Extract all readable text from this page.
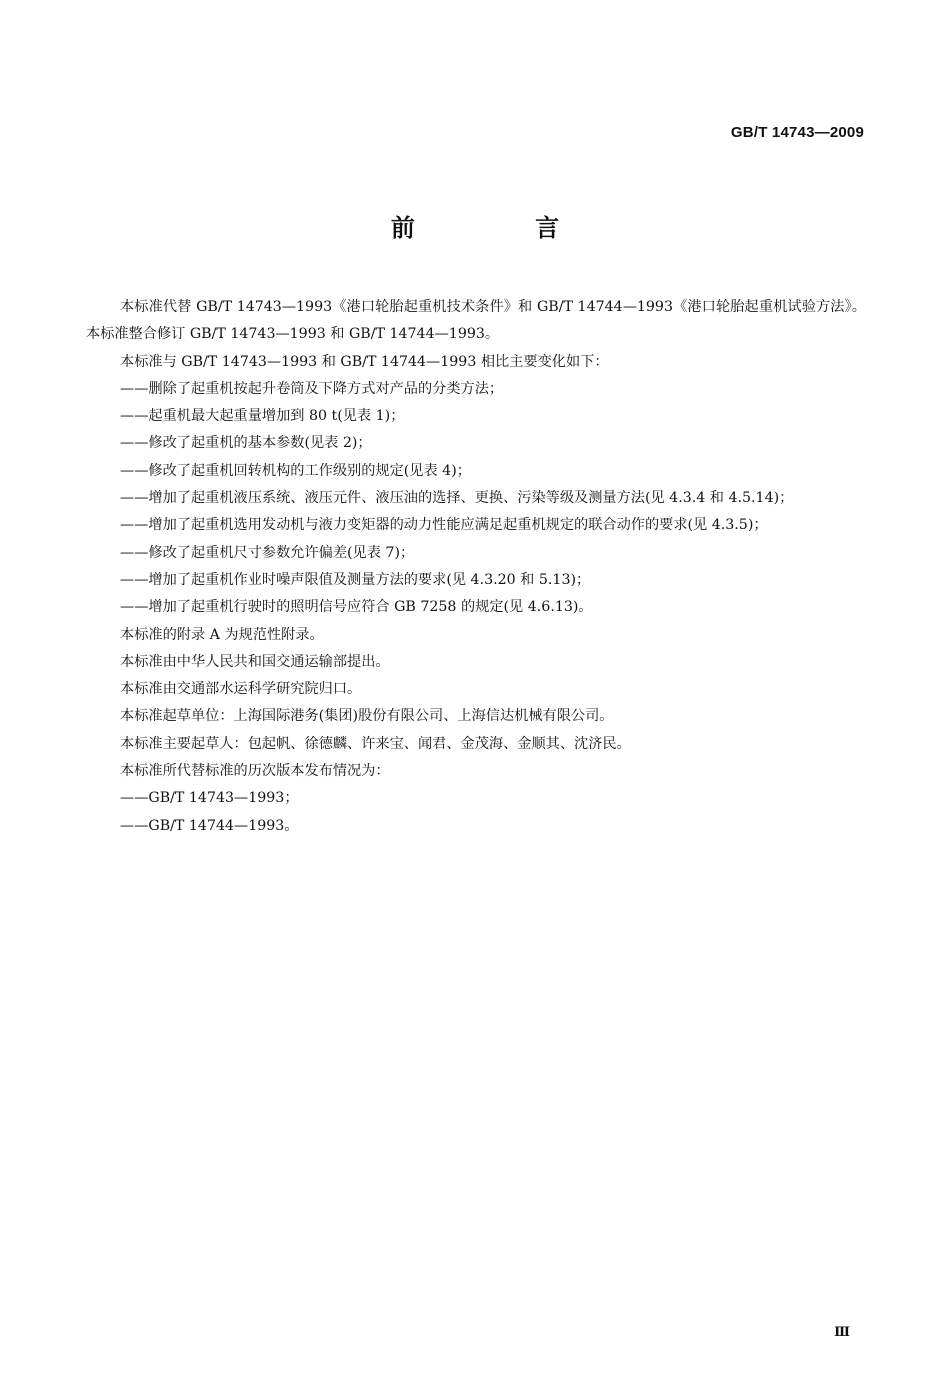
GB/T 14743—2009
前 言

本标准代替 GB/T 14743—1993《港口轮胎起重机技术条件》和 GB/T 14744—1993《港口轮胎起重机试验方法》。本标准整合修订 GB/T 14743—1993 和 GB/T 14744—1993。

本标准与 GB/T 14743—1993 和 GB/T 14744—1993 相比主要变化如下：

——删除了起重机按起升卷筒及下降方式对产品的分类方法；

——起重机最大起重量增加到 80 t(见表 1)；

——修改了起重机的基本参数(见表 2)；

——修改了起重机回转机构的工作级别的规定(见表 4)；

——增加了起重机液压系统、液压元件、液压油的选择、更换、污染等级及测量方法(见 4.3.4 和 4.5.14)；

——增加了起重机选用发动机与液力变矩器的动力性能应满足起重机规定的联合动作的要求(见 4.3.5)；

——修改了起重机尺寸参数允许偏差(见表 7)；

——增加了起重机作业时噪声限值及测量方法的要求(见 4.3.20 和 5.13)；

——增加了起重机行驶时的照明信号应符合 GB 7258 的规定(见 4.6.13)。

本标准的附录 A 为规范性附录。

本标准由中华人民共和国交通运输部提出。

本标准由交通部水运科学研究院归口。

本标准起草单位：上海国际港务(集团)股份有限公司、上海信达机械有限公司。

本标准主要起草人：包起帆、徐德麟、许来宝、闻君、金茂海、金顺其、沈济民。

本标准所代替标准的历次版本发布情况为：

——GB/T 14743—1993；

——GB/T 14744—1993。

Ⅲ
